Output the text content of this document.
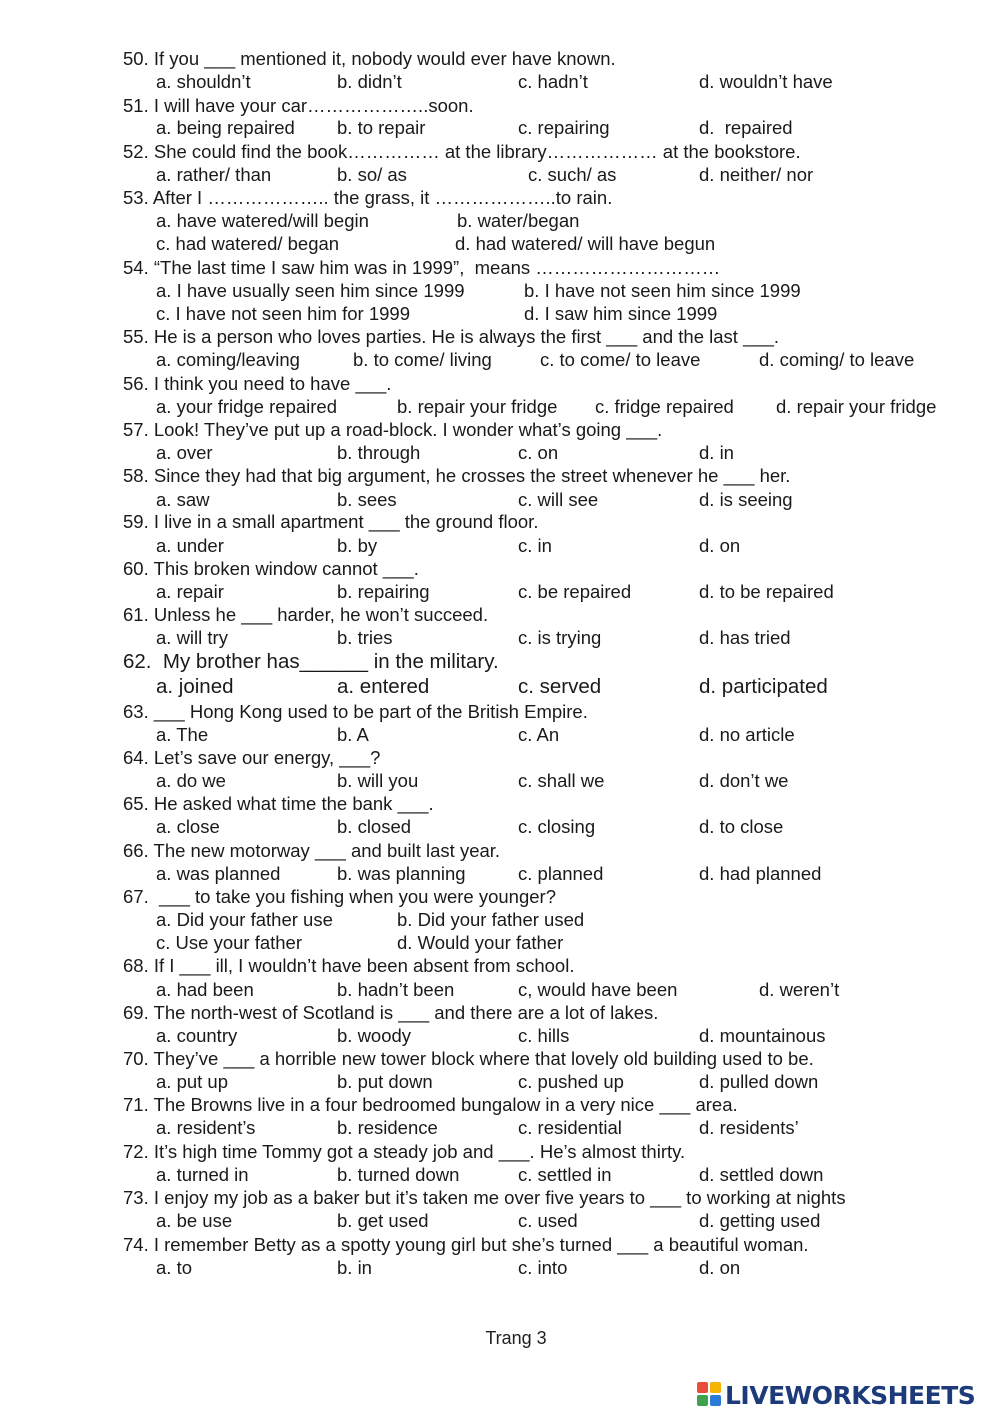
50. If you ___ mentioned it, nobody would ever have known.
a. shouldn’t	b. didn’t	c. hadn’t	d. wouldn’t have
51. I will have your car………………..soon.
a. being repaired b. to repair	c. repairing	d.  repaired
52. She could find the book…………… at the library……………… at the bookstore.
a. rather/ than	b. so/ as	c. such/ as	d. neither/ nor
53. After I ……………….. the grass, it ………………..to rain.
a. have watered/will begin	b. water/began
c. had watered/ began	d. had watered/ will have begun
54. “The last time I saw him was in 1999”,  means …………………………
a. I have usually seen him since 1999	b. I have not seen him since 1999
c. I have not seen him for 1999	d. I saw him since 1999
55. He is a person who loves parties. He is always the first ___ and the last ___.
a. coming/leaving	b. to come/ living	c. to come/ to leave	d. coming/ to leave
56. I think you need to have ___.
a. your fridge repaired	b. repair your fridge c. fridge repaired d. repair your fridge
57. Look! They’ve put up a road-block. I wonder what’s going ___.
a. over	b. through	c. on	d. in
58. Since they had that big argument, he crosses the street whenever he ___ her.
a. saw	b. sees	c. will see	d. is seeing
59. I live in a small apartment ___ the ground floor.
a. under	b. by	c. in	d. on
60. This broken window cannot ___.
a. repair	b. repairing	c. be repaired	d. to be repaired
61. Unless he ___ harder, he won’t succeed.
a. will try	b. tries	c. is trying	d. has tried
62.  My brother has______ in the military.
a. joined	a. entered	c. served	d. participated
63. ___ Hong Kong used to be part of the British Empire.
a. The	b. A	c. An	d. no article
64. Let’s save our energy, ___?
a. do we	b. will you	c. shall we	d. don’t we
65. He asked what time the bank ___.
a. close	b. closed	c. closing	d. to close
66. The new motorway ___ and built last year.
a. was planned	b. was planning	c. planned	d. had planned
67.  ___ to take you fishing when you were younger?
a. Did your father use	b. Did your father used
c. Use your father	d. Would your father
68. If I ___ ill, I wouldn’t have been absent from school.
a. had been	b. hadn’t been	c, would have been	d. weren’t
69. The north-west of Scotland is ___ and there are a lot of lakes.
a. country	b. woody	c. hills	d. mountainous
70. They’ve ___ a horrible new tower block where that lovely old building used to be.
a. put up	b. put down	c. pushed up	d. pulled down
71. The Browns live in a four bedroomed bungalow in a very nice ___ area.
a. resident’s	b. residence	c. residential	d. residents’
72. It’s high time Tommy got a steady job and ___. He’s almost thirty.
a. turned in	b. turned down	c. settled in	d. settled down
73. I enjoy my job as a baker but it’s taken me over five years to ___ to working at nights
a. be use	b. get used	c. used	d. getting used
74. I remember Betty as a spotty young girl but she’s turned ___ a beautiful woman.
a. to	b. in	c. into	d. on
Trang 3
LIVEWORKSHEETS
